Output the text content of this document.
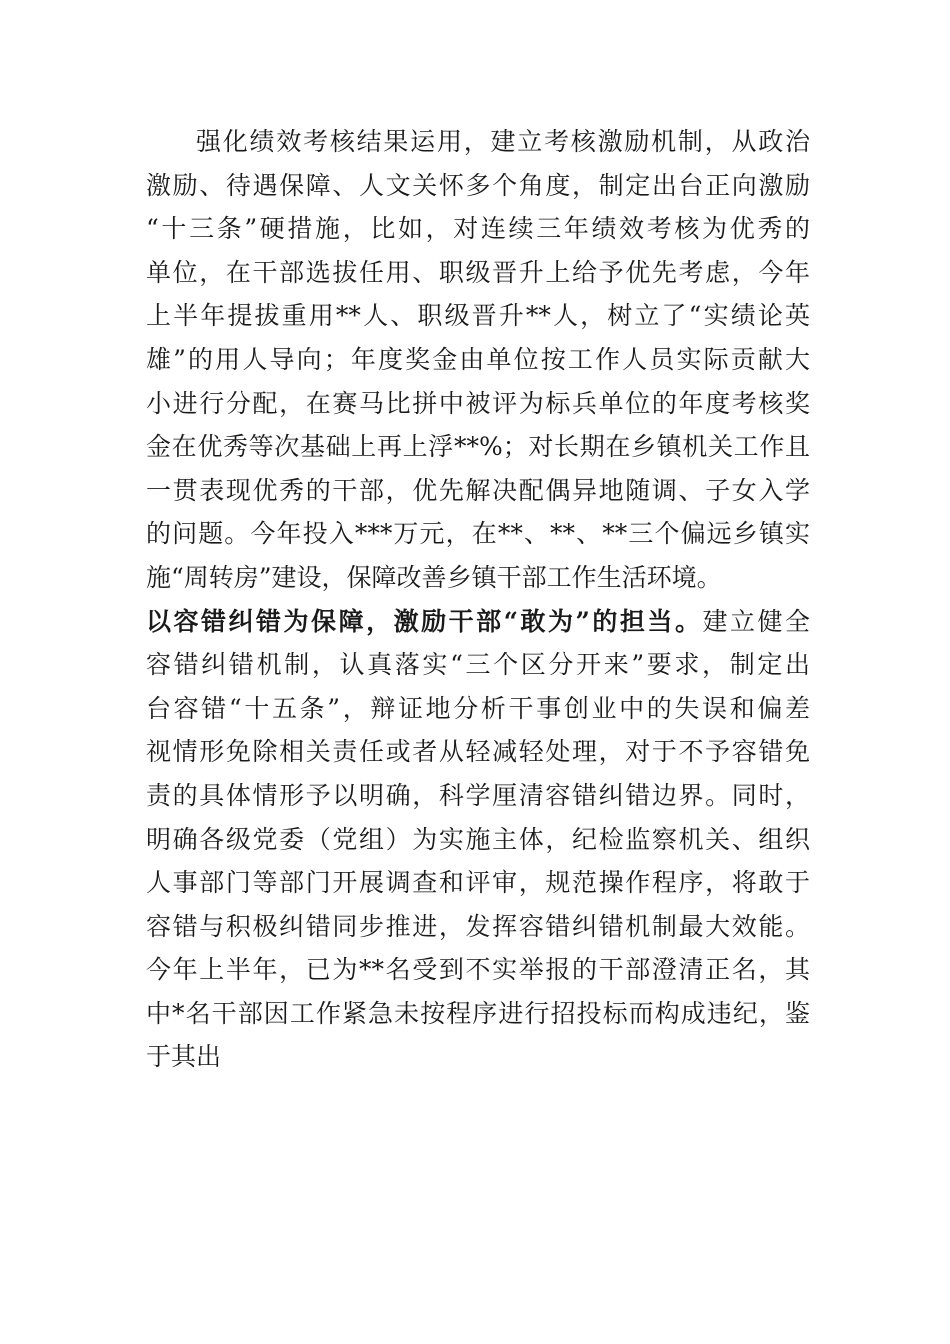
强化绩效考核结果运用，建立考核激励机制，从政治
激励、待遇保障、人文关怀多个角度，制定出台正向激励
“十三条”硬措施，比如，对连续三年绩效考核为优秀的
单位，在干部选拔任用、职级晋升上给予优先考虑，今年
上半年提拔重用**人、职级晋升**人，树立了“实绩论英
雄”的用人导向；年度奖金由单位按工作人员实际贡献大
小进行分配，在赛马比拼中被评为标兵单位的年度考核奖
金在优秀等次基础上再上浮**%；对长期在乡镇机关工作且
一贯表现优秀的干部，优先解决配偶异地随调、子女入学
的问题。今年投入***万元，在**、**、**三个偏远乡镇实
施“周转房”建设，保障改善乡镇干部工作生活环境。
以容错纠错为保障，激励干部“敢为”的担当。建立健全
容错纠错机制，认真落实“三个区分开来”要求，制定出
台容错“十五条”，辩证地分析干事创业中的失误和偏差
视情形免除相关责任或者从轻减轻处理，对于不予容错免
责的具体情形予以明确，科学厘清容错纠错边界。同时，
明确各级党委（党组）为实施主体，纪检监察机关、组织
人事部门等部门开展调查和评审，规范操作程序，将敢于
容错与积极纠错同步推进，发挥容错纠错机制最大效能。
今年上半年，已为**名受到不实举报的干部澄清正名，其
中*名干部因工作紧急未按程序进行招投标而构成违纪，鉴
于其出
